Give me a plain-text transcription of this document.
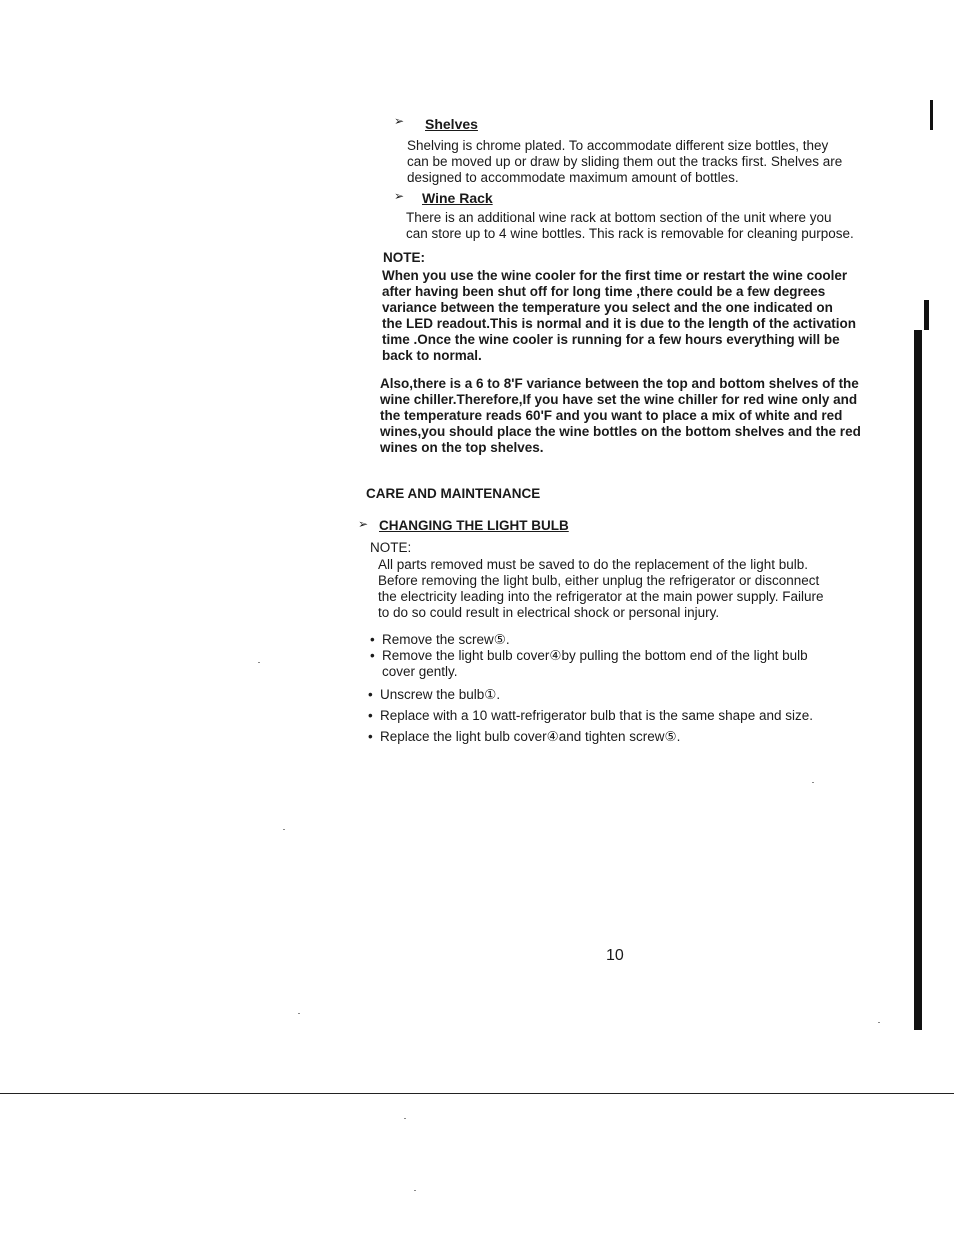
➢ Shelves
Shelving is chrome plated. To accommodate different size bottles, they
can be moved up or draw by sliding them out the tracks first. Shelves are
designed to accommodate maximum amount of bottles.
➢ Wine Rack
There is an additional wine rack at bottom section of the unit where you
can store up to 4 wine bottles. This rack is removable for cleaning purpose.
NOTE:
When you use the wine cooler for the first time or restart the wine cooler
after having been shut off for long time ,there could be a few degrees
variance between the temperature you select and the one indicated on
the LED readout.This is normal and it is due to the length of the activation
time .Once the wine cooler is running for a few hours everything will be
back to normal.
Also,there is a 6 to 8'F variance between the top and bottom shelves of the
wine chiller.Therefore,If you have set the wine chiller for red wine only and
the temperature reads 60'F and you want to place a mix of white and red
wines,you should place the wine bottles on the bottom shelves and the red
wines on the top shelves.
CARE AND MAINTENANCE
➢ CHANGING THE LIGHT BULB
NOTE:
All parts removed must be saved to do the replacement of the light bulb.
Before removing the light bulb, either unplug the refrigerator or disconnect
the electricity leading into the refrigerator at the main power supply. Failure
to do so could result in electrical shock or personal injury.
• Remove the screw⑤.
• Remove the light bulb cover④by pulling the bottom end of the light bulb
cover gently.
• Unscrew the bulb①.
• Replace with a 10 watt-refrigerator bulb that is the same shape and size.
• Replace the light bulb cover④and tighten screw⑤.
10
